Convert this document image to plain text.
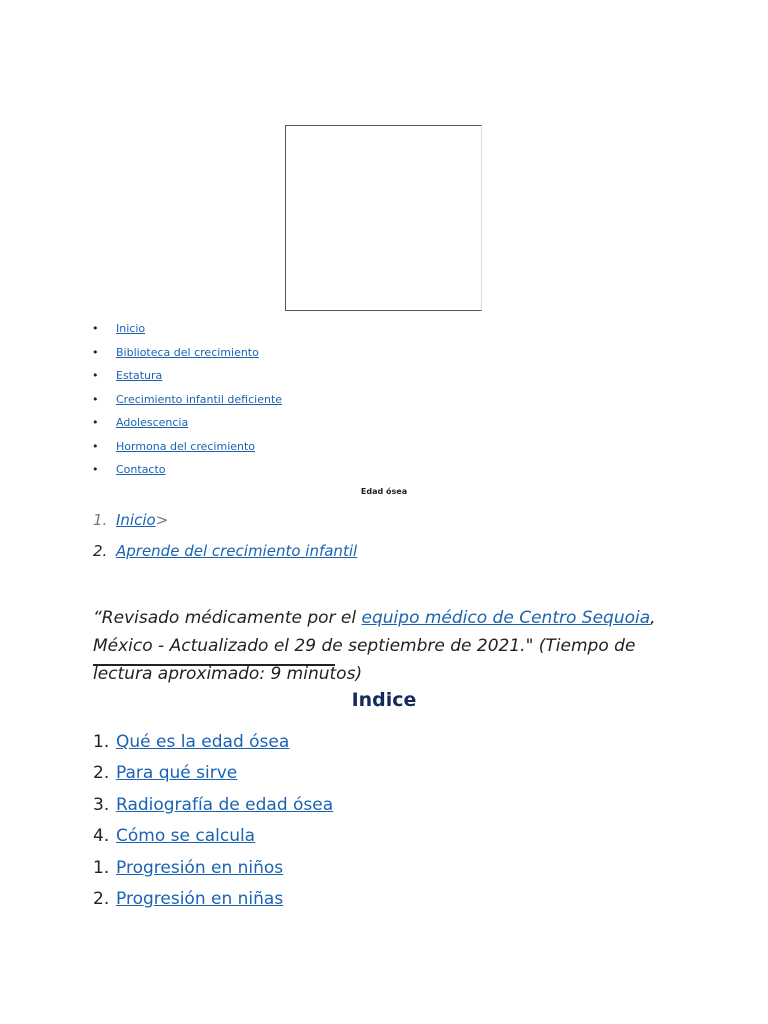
• Inicio
• Biblioteca del crecimiento
• Estatura
• Crecimiento infantil deficiente
• Adolescencia
• Hormona del crecimiento
• Contacto
Edad ósea
1. Inicio>
2. Aprende del crecimiento infantil

“Revisado médicamente por el equipo médico de Centro Sequoia, México - Actualizado el 29 de septiembre de 2021." (Tiempo de lectura aproximado: 9 minutos)

Indice
1. Qué es la edad ósea
2. Para qué sirve
3. Radiografía de edad ósea
4. Cómo se calcula
1. Progresión en niños
2. Progresión en niñas
